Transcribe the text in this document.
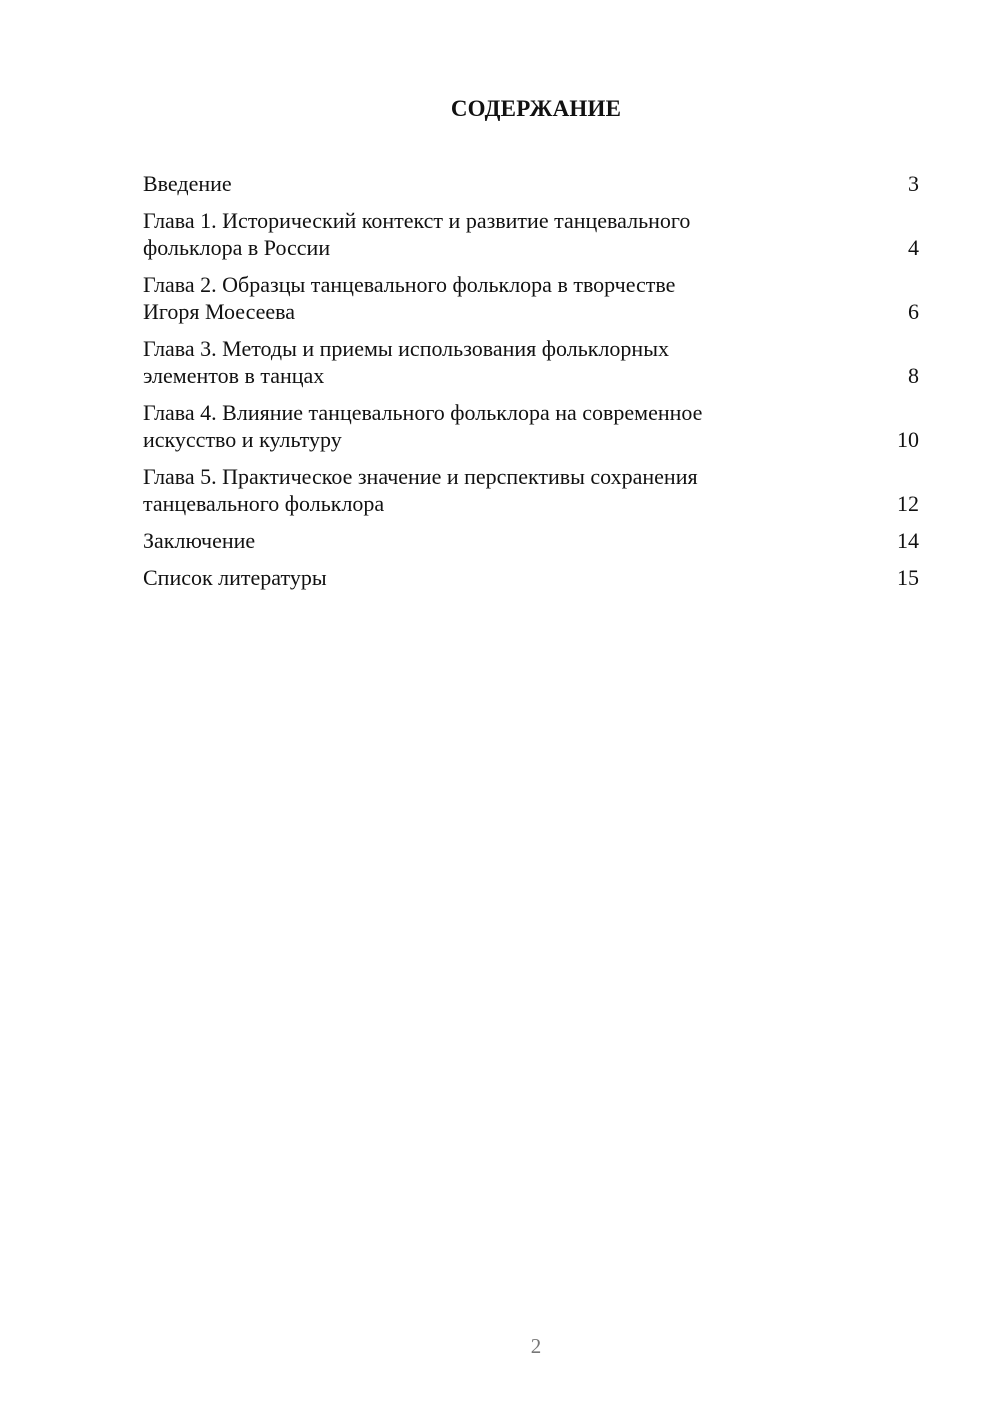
СОДЕРЖАНИЕ
Введение	3
Глава 1. Исторический контекст и развитие танцевального
фольклора в России	4
Глава 2. Образцы танцевального фольклора в творчестве
Игоря Моесеева	6
Глава 3. Методы и приемы использования фольклорных
элементов в танцах	8
Глава 4. Влияние танцевального фольклора на современное
искусство и культуру	10
Глава 5. Практическое значение и перспективы сохранения
танцевального фольклора	12
Заключение	14
Список литературы	15
2
